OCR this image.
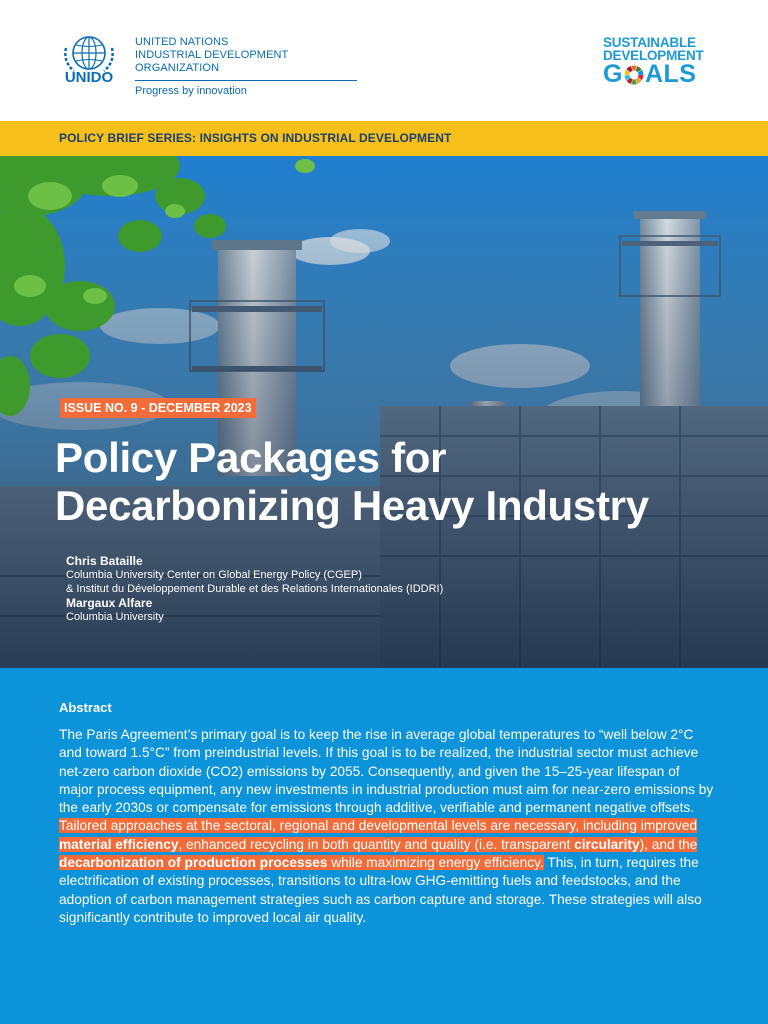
UNIDO
UNITED NATIONS
INDUSTRIAL DEVELOPMENT ORGANIZATION
Progress by innovation
SUSTAINABLE
DEVELOPMENT
G ALS
POLICY BRIEF SERIES: INSIGHTS ON INDUSTRIAL DEVELOPMENT
ISSUE NO. 9 - DECEMBER 2023
Policy Packages for
Decarbonizing Heavy Industry
Chris Bataille
Columbia University Center on Global Energy Policy (CGEP)
& Institut du Développement Durable et des Relations Internationales (IDDRI)
Margaux Alfare
Columbia University
Abstract

The Paris Agreement’s primary goal is to keep the rise in average global temperatures to “well below 2°C and toward 1.5°C” from preindustrial levels. If this goal is to be realized, the industrial sector must achieve net-zero carbon dioxide (CO2) emissions by 2055. Consequently, and given the 15–25-year lifespan of major process equipment, any new investments in industrial production must aim for near-zero emissions by the early 2030s or compensate for emissions through additive, verifiable and permanent negative offsets. Tailored approaches at the sectoral, regional and developmental levels are necessary, including improved material efficiency, enhanced recycling in both quantity and quality (i.e. transparent circularity), and the decarbonization of production processes while maximizing energy efficiency. This, in turn, requires the electrification of existing processes, transitions to ultra-low GHG-emitting fuels and feedstocks, and the adoption of carbon management strategies such as carbon capture and storage. These strategies will also significantly contribute to improved local air quality.
